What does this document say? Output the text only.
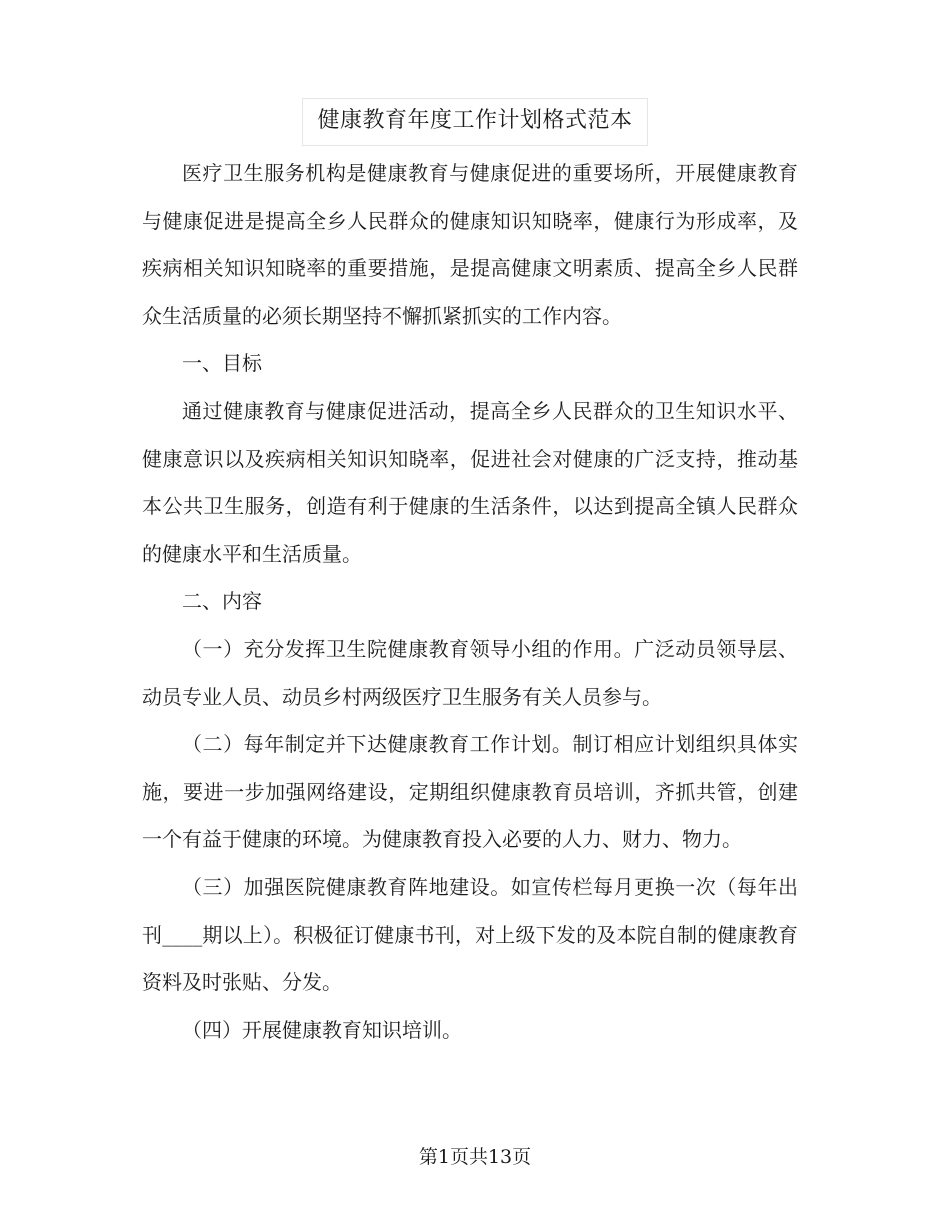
健康教育年度工作计划格式范本

医疗卫生服务机构是健康教育与健康促进的重要场所，开展健康教育与健康促进是提高全乡人民群众的健康知识知晓率，健康行为形成率，及疾病相关知识知晓率的重要措施，是提高健康文明素质、提高全乡人民群众生活质量的必须长期坚持不懈抓紧抓实的工作内容。

一、目标

通过健康教育与健康促进活动，提高全乡人民群众的卫生知识水平、健康意识以及疾病相关知识知晓率，促进社会对健康的广泛支持，推动基本公共卫生服务，创造有利于健康的生活条件，以达到提高全镇人民群众的健康水平和生活质量。

二、内容

（一）充分发挥卫生院健康教育领导小组的作用。广泛动员领导层、动员专业人员、动员乡村两级医疗卫生服务有关人员参与。

（二）每年制定并下达健康教育工作计划。制订相应计划组织具体实施，要进一步加强网络建设，定期组织健康教育员培训，齐抓共管，创建一个有益于健康的环境。为健康教育投入必要的人力、财力、物力。

（三）加强医院健康教育阵地建设。如宣传栏每月更换一次（每年出刊____期以上）。积极征订健康书刊，对上级下发的及本院自制的健康教育资料及时张贴、分发。

（四）开展健康教育知识培训。

第1页共13页
